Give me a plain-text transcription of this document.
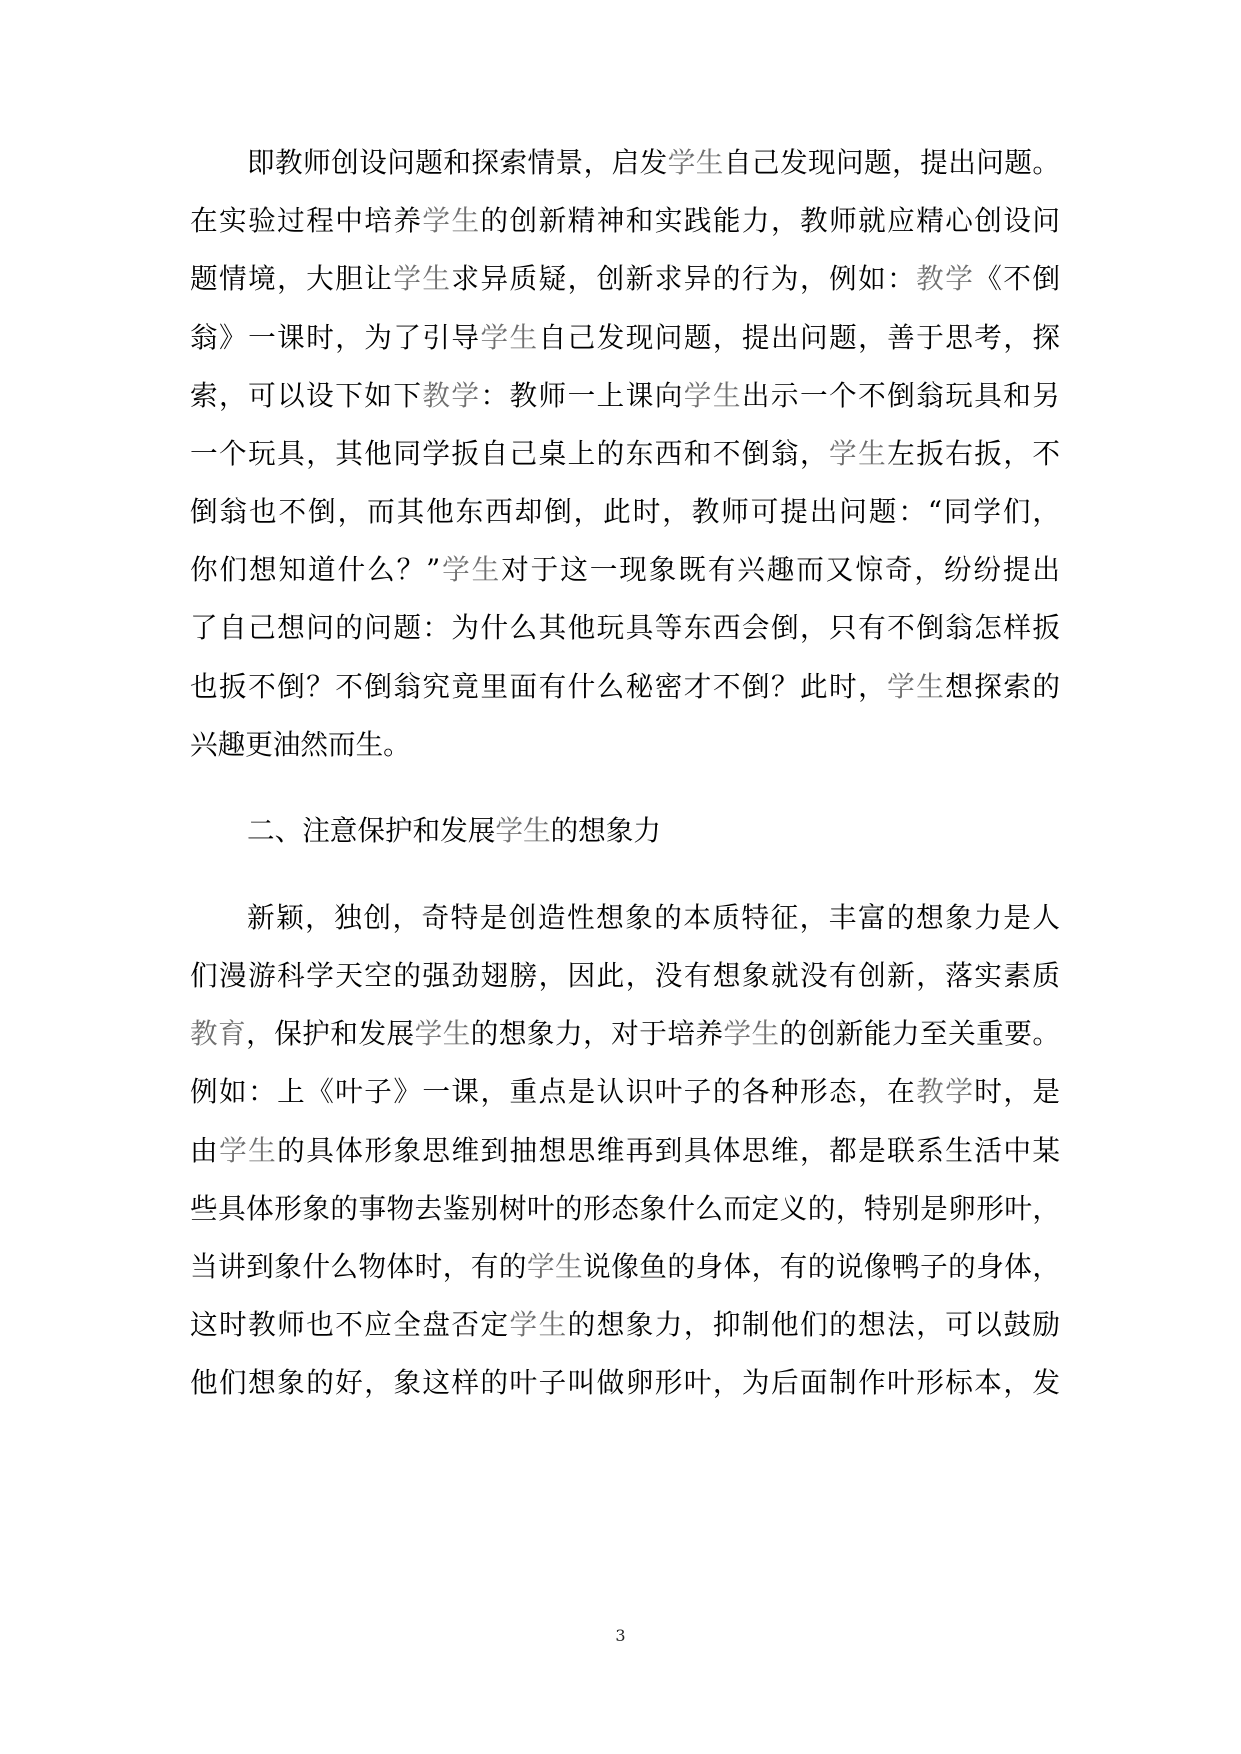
即教师创设问题和探索情景，启发学生自己发现问题，提出问题。
在实验过程中培养学生的创新精神和实践能力，教师就应精心创设问
题情境，大胆让学生求异质疑，创新求异的行为，例如：教学《不倒
翁》一课时，为了引导学生自己发现问题，提出问题，善于思考，探
索，可以设下如下教学：教师一上课向学生出示一个不倒翁玩具和另
一个玩具，其他同学扳自己桌上的东西和不倒翁，学生左扳右扳，不
倒翁也不倒，而其他东西却倒，此时，教师可提出问题：“同学们，
你们想知道什么？”学生对于这一现象既有兴趣而又惊奇，纷纷提出
了自己想问的问题：为什么其他玩具等东西会倒，只有不倒翁怎样扳
也扳不倒？不倒翁究竟里面有什么秘密才不倒？此时，学生想探索的
兴趣更油然而生。
二、注意保护和发展学生的想象力
新颖，独创，奇特是创造性想象的本质特征，丰富的想象力是人
们漫游科学天空的强劲翅膀，因此，没有想象就没有创新，落实素质
教育，保护和发展学生的想象力，对于培养学生的创新能力至关重要。
例如：上《叶子》一课，重点是认识叶子的各种形态，在教学时，是
由学生的具体形象思维到抽想思维再到具体思维，都是联系生活中某
些具体形象的事物去鉴别树叶的形态象什么而定义的，特别是卵形叶，
当讲到象什么物体时，有的学生说像鱼的身体，有的说像鸭子的身体，
这时教师也不应全盘否定学生的想象力，抑制他们的想法，可以鼓励
他们想象的好，象这样的叶子叫做卵形叶，为后面制作叶形标本，发
3
